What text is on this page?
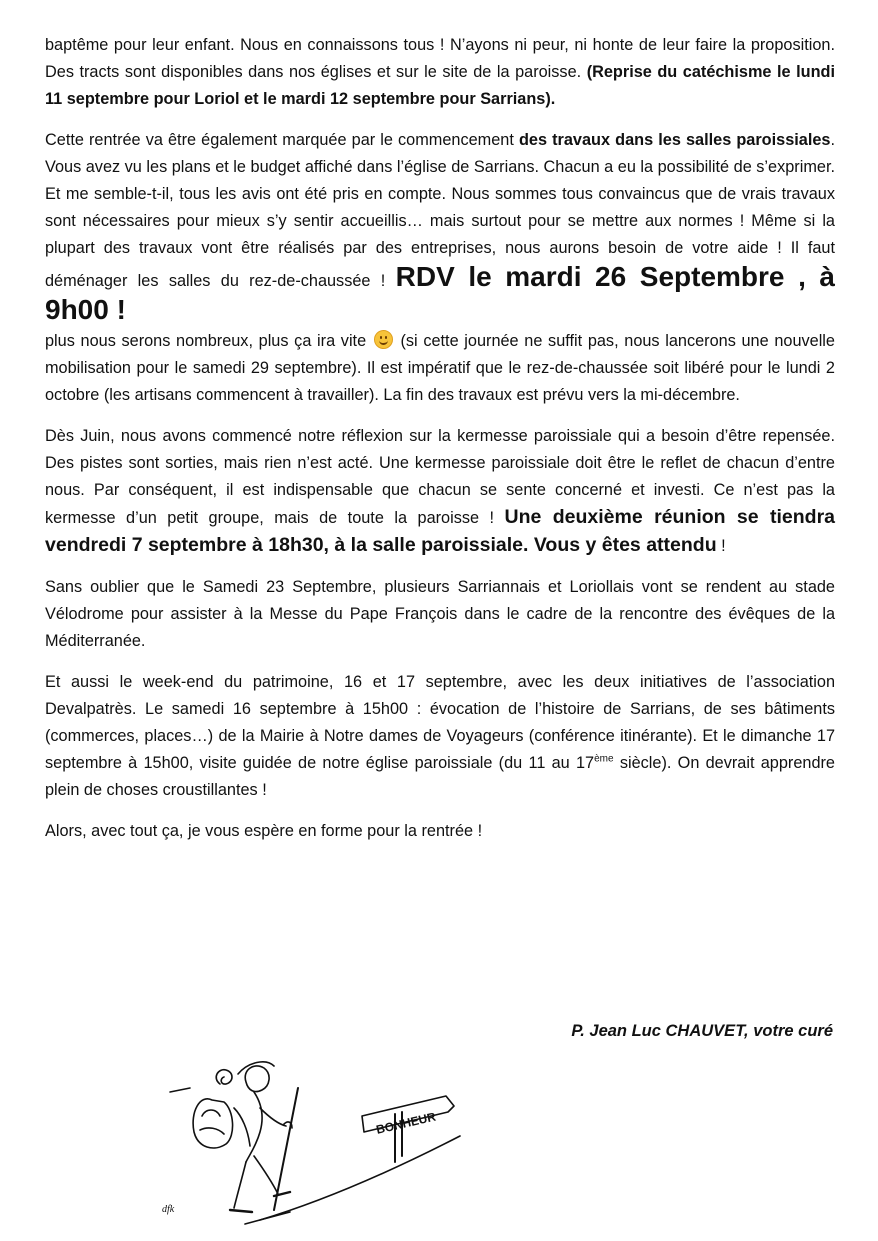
baptême pour leur enfant. Nous en connaissons tous ! N’ayons ni peur, ni honte de leur faire la proposition. Des tracts sont disponibles dans nos églises et sur le site de la paroisse. (Reprise du catéchisme le lundi 11 septembre pour Loriol et le mardi 12 septembre pour Sarrians).

Cette rentrée va être également marquée par le commencement des travaux dans les salles paroissiales. Vous avez vu les plans et le budget affiché dans l’église de Sarrians. Chacun a eu la possibilité de s’exprimer. Et me semble-t-il, tous les avis ont été pris en compte. Nous sommes tous convaincus que de vrais travaux sont nécessaires pour mieux s’y sentir accueillis… mais surtout pour se mettre aux normes ! Même si la plupart des travaux vont être réalisés par des entreprises, nous aurons besoin de votre aide ! Il faut déménager les salles du rez-de-chaussée ! RDV le mardi 26 Septembre , à 9h00 !
plus nous serons nombreux, plus ça ira vite
(si cette journée ne suffit pas, nous lancerons une nouvelle mobilisation pour le samedi 29 septembre). Il est impératif que le rez-de-chaussée soit libéré pour le lundi 2 octobre (les artisans commencent à travailler). La fin des travaux est prévu vers la mi-décembre.

Dès Juin, nous avons commencé notre réflexion sur la kermesse paroissiale qui a besoin d’être repensée. Des pistes sont sorties, mais rien n’est acté. Une kermesse paroissiale doit être le reflet de chacun d’entre nous. Par conséquent, il est indispensable que chacun se sente concerné et investi. Ce n’est pas la kermesse d’un petit groupe, mais de toute la paroisse ! Une deuxième réunion se tiendra vendredi 7 septembre à 18h30, à la salle paroissiale. Vous y êtes attendu !

Sans oublier que le Samedi 23 Septembre, plusieurs Sarriannais et Loriollais vont se rendent au stade Vélodrome pour assister à la Messe du Pape François dans le cadre de la rencontre des évêques de la Méditerranée.

Et aussi le week-end du patrimoine, 16 et 17 septembre, avec les deux initiatives de l’association Devalpatrès. Le samedi 16 septembre à 15h00 : évocation de l’histoire de Sarrians, de ses bâtiments (commerces, places…) de la Mairie à Notre dames de Voyageurs (conférence itinérante). Et le dimanche 17 septembre à 15h00, visite guidée de notre église paroissiale (du 11 au 17ème siècle). On devrait apprendre plein de choses croustillantes !

Alors, avec tout ça, je vous espère en forme pour la rentrée !

P. Jean Luc CHAUVET, votre curé
BONHEUR
dfk
